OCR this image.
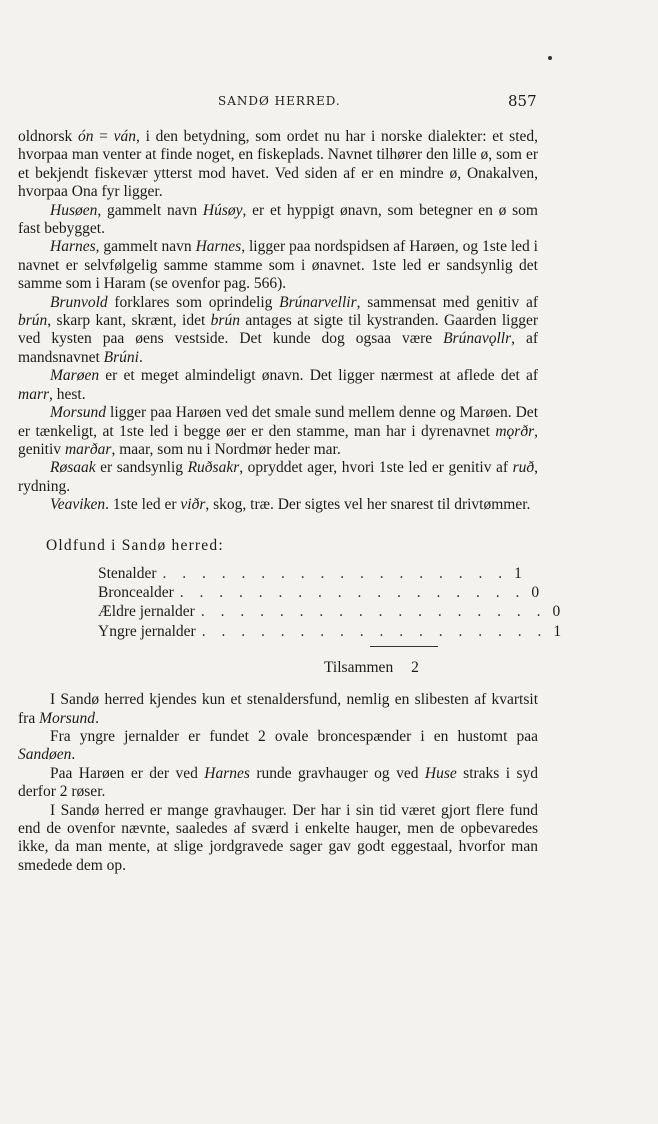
SANDØ HERRED.	857

oldnorsk ón = ván, i den betydning, som ordet nu har i norske dialekter: et sted, hvorpaa man venter at finde noget, en fiskeplads. Navnet tilhører den lille ø, som er et bekjendt fiskevær ytterst mod havet. Ved siden af er en mindre ø, Onakalven, hvorpaa Ona fyr ligger.

Husøen, gammelt navn Húsøy, er et hyppigt ønavn, som betegner en ø som fast bebygget.

Harnes, gammelt navn Harnes, ligger paa nordspidsen af Harøen, og 1ste led i navnet er selvfølgelig samme stamme som i ønavnet. 1ste led er sandsynlig det samme som i Haram (se ovenfor pag. 566).

Brunvold forklares som oprindelig Brúnarvellir, sammensat med genitiv af brún, skarp kant, skrænt, idet brún antages at sigte til kystranden. Gaarden ligger ved kysten paa øens vestside. Det kunde dog ogsaa være Brúnavǫllr, af mandsnavnet Brúni.

Marøen er et meget almindeligt ønavn. Det ligger nærmest at aflede det af marr, hest.

Morsund ligger paa Harøen ved det smale sund mellem denne og Marøen. Det er tænkeligt, at 1ste led i begge øer er den stamme, man har i dyrenavnet mǫrðr, genitiv marðar, maar, som nu i Nordmør heder mar.

Røsaak er sandsynlig Ruðsakr, opryddet ager, hvori 1ste led er genitiv af ruð, rydning.

Veaviken. 1ste led er viðr, skog, træ. Der sigtes vel her snarest til drivtømmer.

Oldfund i Sandø herred:
Stenalder . . . . . . . . . . . . . . . . . . 1
Broncealder . . . . . . . . . . . . . . . . . . 0
Ældre jernalder . . . . . . . . . . . . . . . . . . 0
Yngre jernalder . . . . . . . . . . . . . . . . . . 1
Tilsammen 2

I Sandø herred kjendes kun et stenaldersfund, nemlig en slibesten af kvartsit fra Morsund.

Fra yngre jernalder er fundet 2 ovale broncespænder i en hustomt paa Sandøen.

Paa Harøen er der ved Harnes runde gravhauger og ved Huse straks i syd derfor 2 røser.

I Sandø herred er mange gravhauger. Der har i sin tid været gjort flere fund end de ovenfor nævnte, saaledes af sværd i enkelte hauger, men de opbevaredes ikke, da man mente, at slige jordgravede sager gav godt eggestaal, hvorfor man smedede dem op.
